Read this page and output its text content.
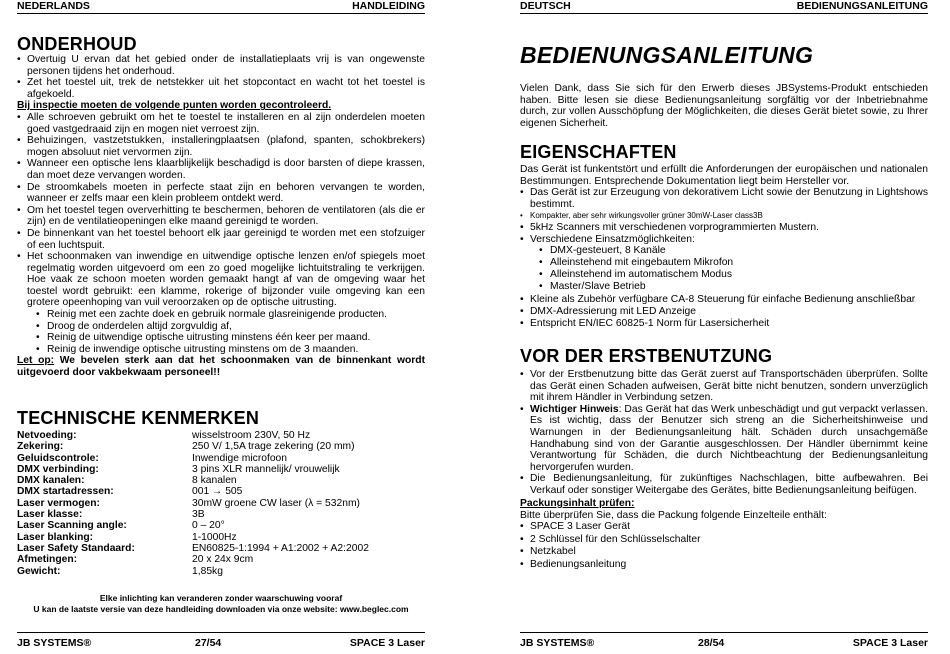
NEDERLANDS	HANDLEIDING
ONDERHOUD
• Overtuig U ervan dat het gebied onder de installatieplaats vrij is van ongewenste personen tijdens het onderhoud.
• Zet het toestel uit, trek de netstekker uit het stopcontact en wacht tot het toestel is afgekoeld.
Bij inspectie moeten de volgende punten worden gecontroleerd.
• Alle schroeven gebruikt om het te toestel te installeren en al zijn onderdelen moeten goed vastgedraaid zijn en mogen niet verroest zijn.
• Behuizingen, vastzetstukken, installeringplaatsen (plafond, spanten, schokbrekers) mogen absoluut niet vervormen zijn.
• Wanneer een optische lens klaarblijkelijk beschadigd is door barsten of diepe krassen, dan moet deze vervangen worden.
• De stroomkabels moeten in perfecte staat zijn en behoren vervangen te worden, wanneer er zelfs maar een klein probleem ontdekt werd.
• Om het toestel tegen oververhitting te beschermen, behoren de ventilatoren (als die er zijn) en de ventilatieopeningen elke maand gereinigd te worden.
• De binnenkant van het toestel behoort elk jaar gereinigd te worden met een stofzuiger of een luchtspuit.
• Het schoonmaken van inwendige en uitwendige optische lenzen en/of spiegels moet regelmatig worden uitgevoerd om een zo goed mogelijke lichtuitstraling te verkrijgen. Hoe vaak ze schoon moeten worden gemaakt hangt af van de omgeving waar het toestel wordt gebruikt: een klamme, rokerige of bijzonder vuile omgeving kan een grotere opeenhoping van vuil veroorzaken op de optische uitrusting.
• Reinig met een zachte doek en gebruik normale glasreinigende producten.
• Droog de onderdelen altijd zorgvuldig af,
• Reinig de uitwendige optische uitrusting minstens één keer per maand.
• Reinig de inwendige optische uitrusting minstens om de 3 maanden.
Let op: We bevelen sterk aan dat het schoonmaken van de binnenkant wordt uitgevoerd door vakbekwaam personeel!!
TECHNISCHE KENMERKEN
Netvoeding:	wisselstroom 230V, 50 Hz
Zekering:	250 V/ 1,5A trage zekering (20 mm)
Geluidscontrole:	Inwendige microfoon
DMX verbinding:	3 pins XLR mannelijk/ vrouwelijk
DMX kanalen:	8 kanalen
DMX startadressen:	001 → 505
Laser vermogen:	30mW groene CW laser (λ = 532nm)
Laser klasse:	3B
Laser Scanning angle:	0 – 20°
Laser blanking:	1-1000Hz
Laser Safety Standaard:	EN60825-1:1994 + A1:2002 + A2:2002
Afmetingen:	20 x 24x 9cm
Gewicht:	1,85kg
Elke inlichting kan veranderen zonder waarschuwing vooraf
U kan de laatste versie van deze handleiding downloaden via onze website: www.beglec.com
JB SYSTEMS®	27/54	SPACE 3 Laser
DEUTSCH	BEDIENUNGSANLEITUNG
BEDIENUNGSANLEITUNG
Vielen Dank, dass Sie sich für den Erwerb dieses JBSystems-Produkt entschieden haben. Bitte lesen sie diese Bedienungsanleitung sorgfältig vor der Inbetriebnahme durch, zur vollen Ausschöpfung der Möglichkeiten, die dieses Gerät bietet sowie, zu Ihrer eigenen Sicherheit.
EIGENSCHAFTEN
Das Gerät ist funkentstört und erfüllt die Anforderungen der europäischen und nationalen Bestimmungen. Entsprechende Dokumentation liegt beim Hersteller vor.
• Das Gerät ist zur Erzeugung von dekorativem Licht sowie der Benutzung in Lightshows bestimmt.
• Kompakter, aber sehr wirkungsvoller grüner 30mW-Laser class3B
• 5kHz Scanners mit verschiedenen vorprogrammierten Mustern.
• Verschiedene Einsatzmöglichkeiten:
• DMX-gesteuert, 8 Kanäle
• Alleinstehend mit eingebautem Mikrofon
• Alleinstehend im automatischem Modus
• Master/Slave Betrieb
• Kleine als Zubehör verfügbare CA-8 Steuerung für einfache Bedienung anschließbar
• DMX-Adressierung mit LED Anzeige
• Entspricht EN/IEC 60825-1 Norm für Lasersicherheit
VOR DER ERSTBENUTZUNG
• Vor der Erstbenutzung bitte das Gerät zuerst auf Transportschäden überprüfen. Sollte das Gerät einen Schaden aufweisen, Gerät bitte nicht benutzen, sondern unverzüglich mit ihrem Händler in Verbindung setzen.
• Wichtiger Hinweis: Das Gerät hat das Werk unbeschädigt und gut verpackt verlassen. Es ist wichtig, dass der Benutzer sich streng an die Sicherheitshinweise und Warnungen in der Bedienungsanleitung hält. Schäden durch unsachgemäße Handhabung sind von der Garantie ausgeschlossen. Der Händler übernimmt keine Verantwortung für Schäden, die durch Nichtbeachtung der Bedienungsanleitung hervorgerufen wurden.
• Die Bedienungsanleitung, für zukünftiges Nachschlagen, bitte aufbewahren. Bei Verkauf oder sonstiger Weitergabe des Gerätes, bitte Bedienungsanleitung beifügen.
Packungsinhalt prüfen:
Bitte überprüfen Sie, dass die Packung folgende Einzelteile enthält:
• SPACE 3 Laser Gerät
• 2 Schlüssel für den Schlüsselschalter
• Netzkabel
• Bedienungsanleitung
JB SYSTEMS®	28/54	SPACE 3 Laser
